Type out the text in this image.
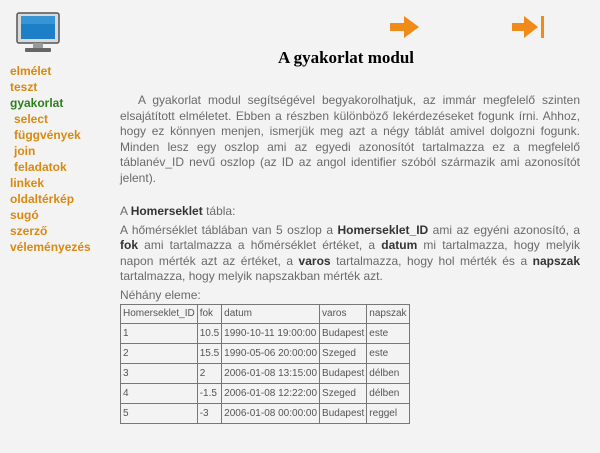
elmélet
teszt
gyakorlat
select
függvények
join
feladatok
linkek
oldaltérkép
sugó
szerző
véleményezés
A gyakorlat modul

A gyakorlat modul segítségével begyakorolhatjuk, az immár megfelelő szinten elsajátított elméletet. Ebben a részben különböző lekérdezéseket fogunk írni. Ahhoz, hogy ez könnyen menjen, ismerjük meg azt a négy táblát amivel dolgozni fogunk. Minden lesz egy oszlop ami az egyedi azonosítót tartalmazza ez a megfelelő táblanév_ID nevű oszlop (az ID az angol identifier szóból származik ami azonosítót jelent).

A Homerseklet tábla:

A hőmérséklet táblában van 5 oszlop a Homerseklet_ID ami az egyéni azonosító, a fok ami tartalmazza a hőmérséklet értéket, a datum mi tartalmazza, hogy melyik napon mérték azt az értéket, a varos tartalmazza, hogy hol mérték és a napszak tartalmazza, hogy melyik napszakban mérték azt.

Néhány eleme:

Homerseklet_ID	fok	datum	varos	napszak
1	10.5	1990-10-11 19:00:00	Budapest	este
2	15.5	1990-05-06 20:00:00	Szeged	este
3	2	2006-01-08 13:15:00	Budapest	délben
4	-1.5	2006-01-08 12:22:00	Szeged	délben
5	-3	2006-01-08 00:00:00	Budapest	reggel
